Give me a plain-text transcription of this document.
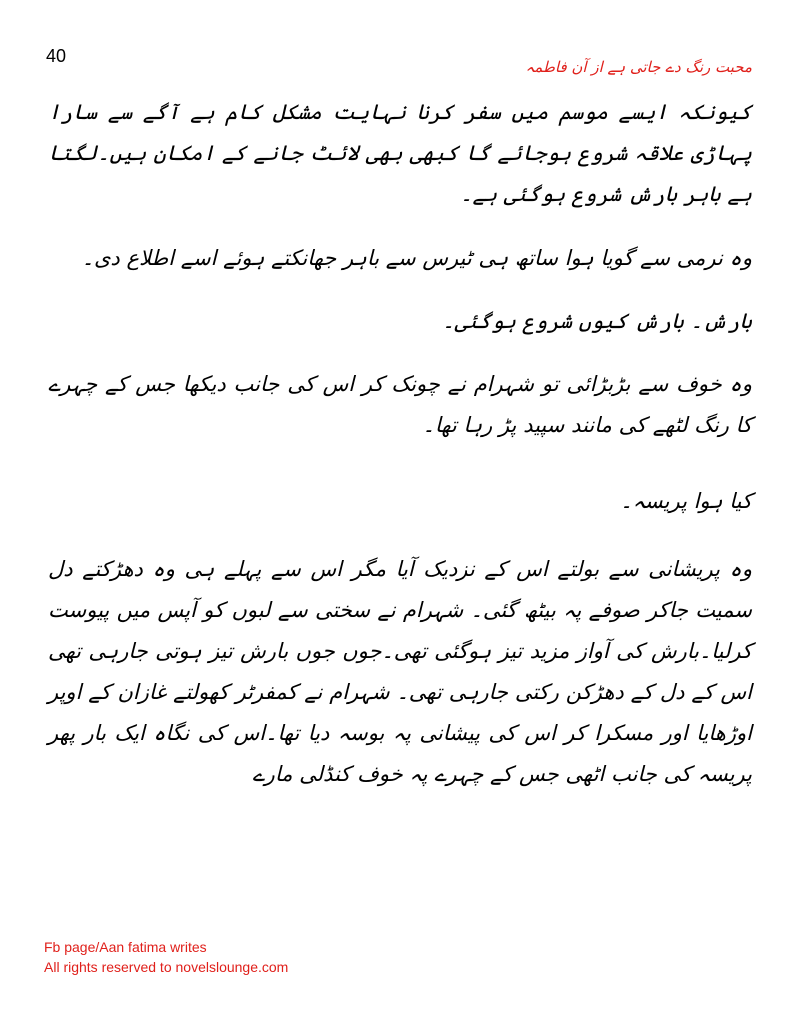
40
محبت رنگ دے جاتی ہے از آن فاطمہ

کیونکہ ایسے موسم میں سفر کرنا نہایت مشکل کام ہے آگے سے سارا پہاڑی علاقہ شروع ہوجائے گا کبھی بھی لائٹ جانے کے امکان ہیں۔لگتا ہے باہر بارش شروع ہوگئی ہے۔

وہ نرمی سے گویا ہوا ساتھ ہی ٹیرس سے باہر جھانکتے ہوئے اسے اطلاع دی۔

بارش۔ بارش کیوں شروع ہوگئی۔

وہ خوف سے بڑبڑائی تو شہرام نے چونک کر اس کی جانب دیکھا جس کے چہرے کا رنگ لٹھے کی مانند سپید پڑ رہا تھا۔

کیا ہوا پریسہ۔

وہ پریشانی سے بولتے اس کے نزدیک آیا مگر اس سے پہلے ہی وہ دھڑکتے دل سمیت جاکر صوفے پہ بیٹھ گئی۔ شہرام نے سختی سے لبوں کو آپس میں پیوست کرلیا۔بارش کی آواز مزید تیز ہوگئی تھی۔جوں جوں بارش تیز ہوتی جارہی تھی اس کے دل کے دھڑکن رکتی جارہی تھی۔ شہرام نے کمفرٹر کھولتے غازان کے اوپر اوڑھایا اور مسکرا کر اس کی پیشانی پہ بوسہ دیا تھا۔اس کی نگاہ ایک بار پھر پریسہ کی جانب اٹھی جس کے چہرے پہ خوف کنڈلی مارے

Fb page/Aan fatima writes
All rights reserved to novelslounge.com
